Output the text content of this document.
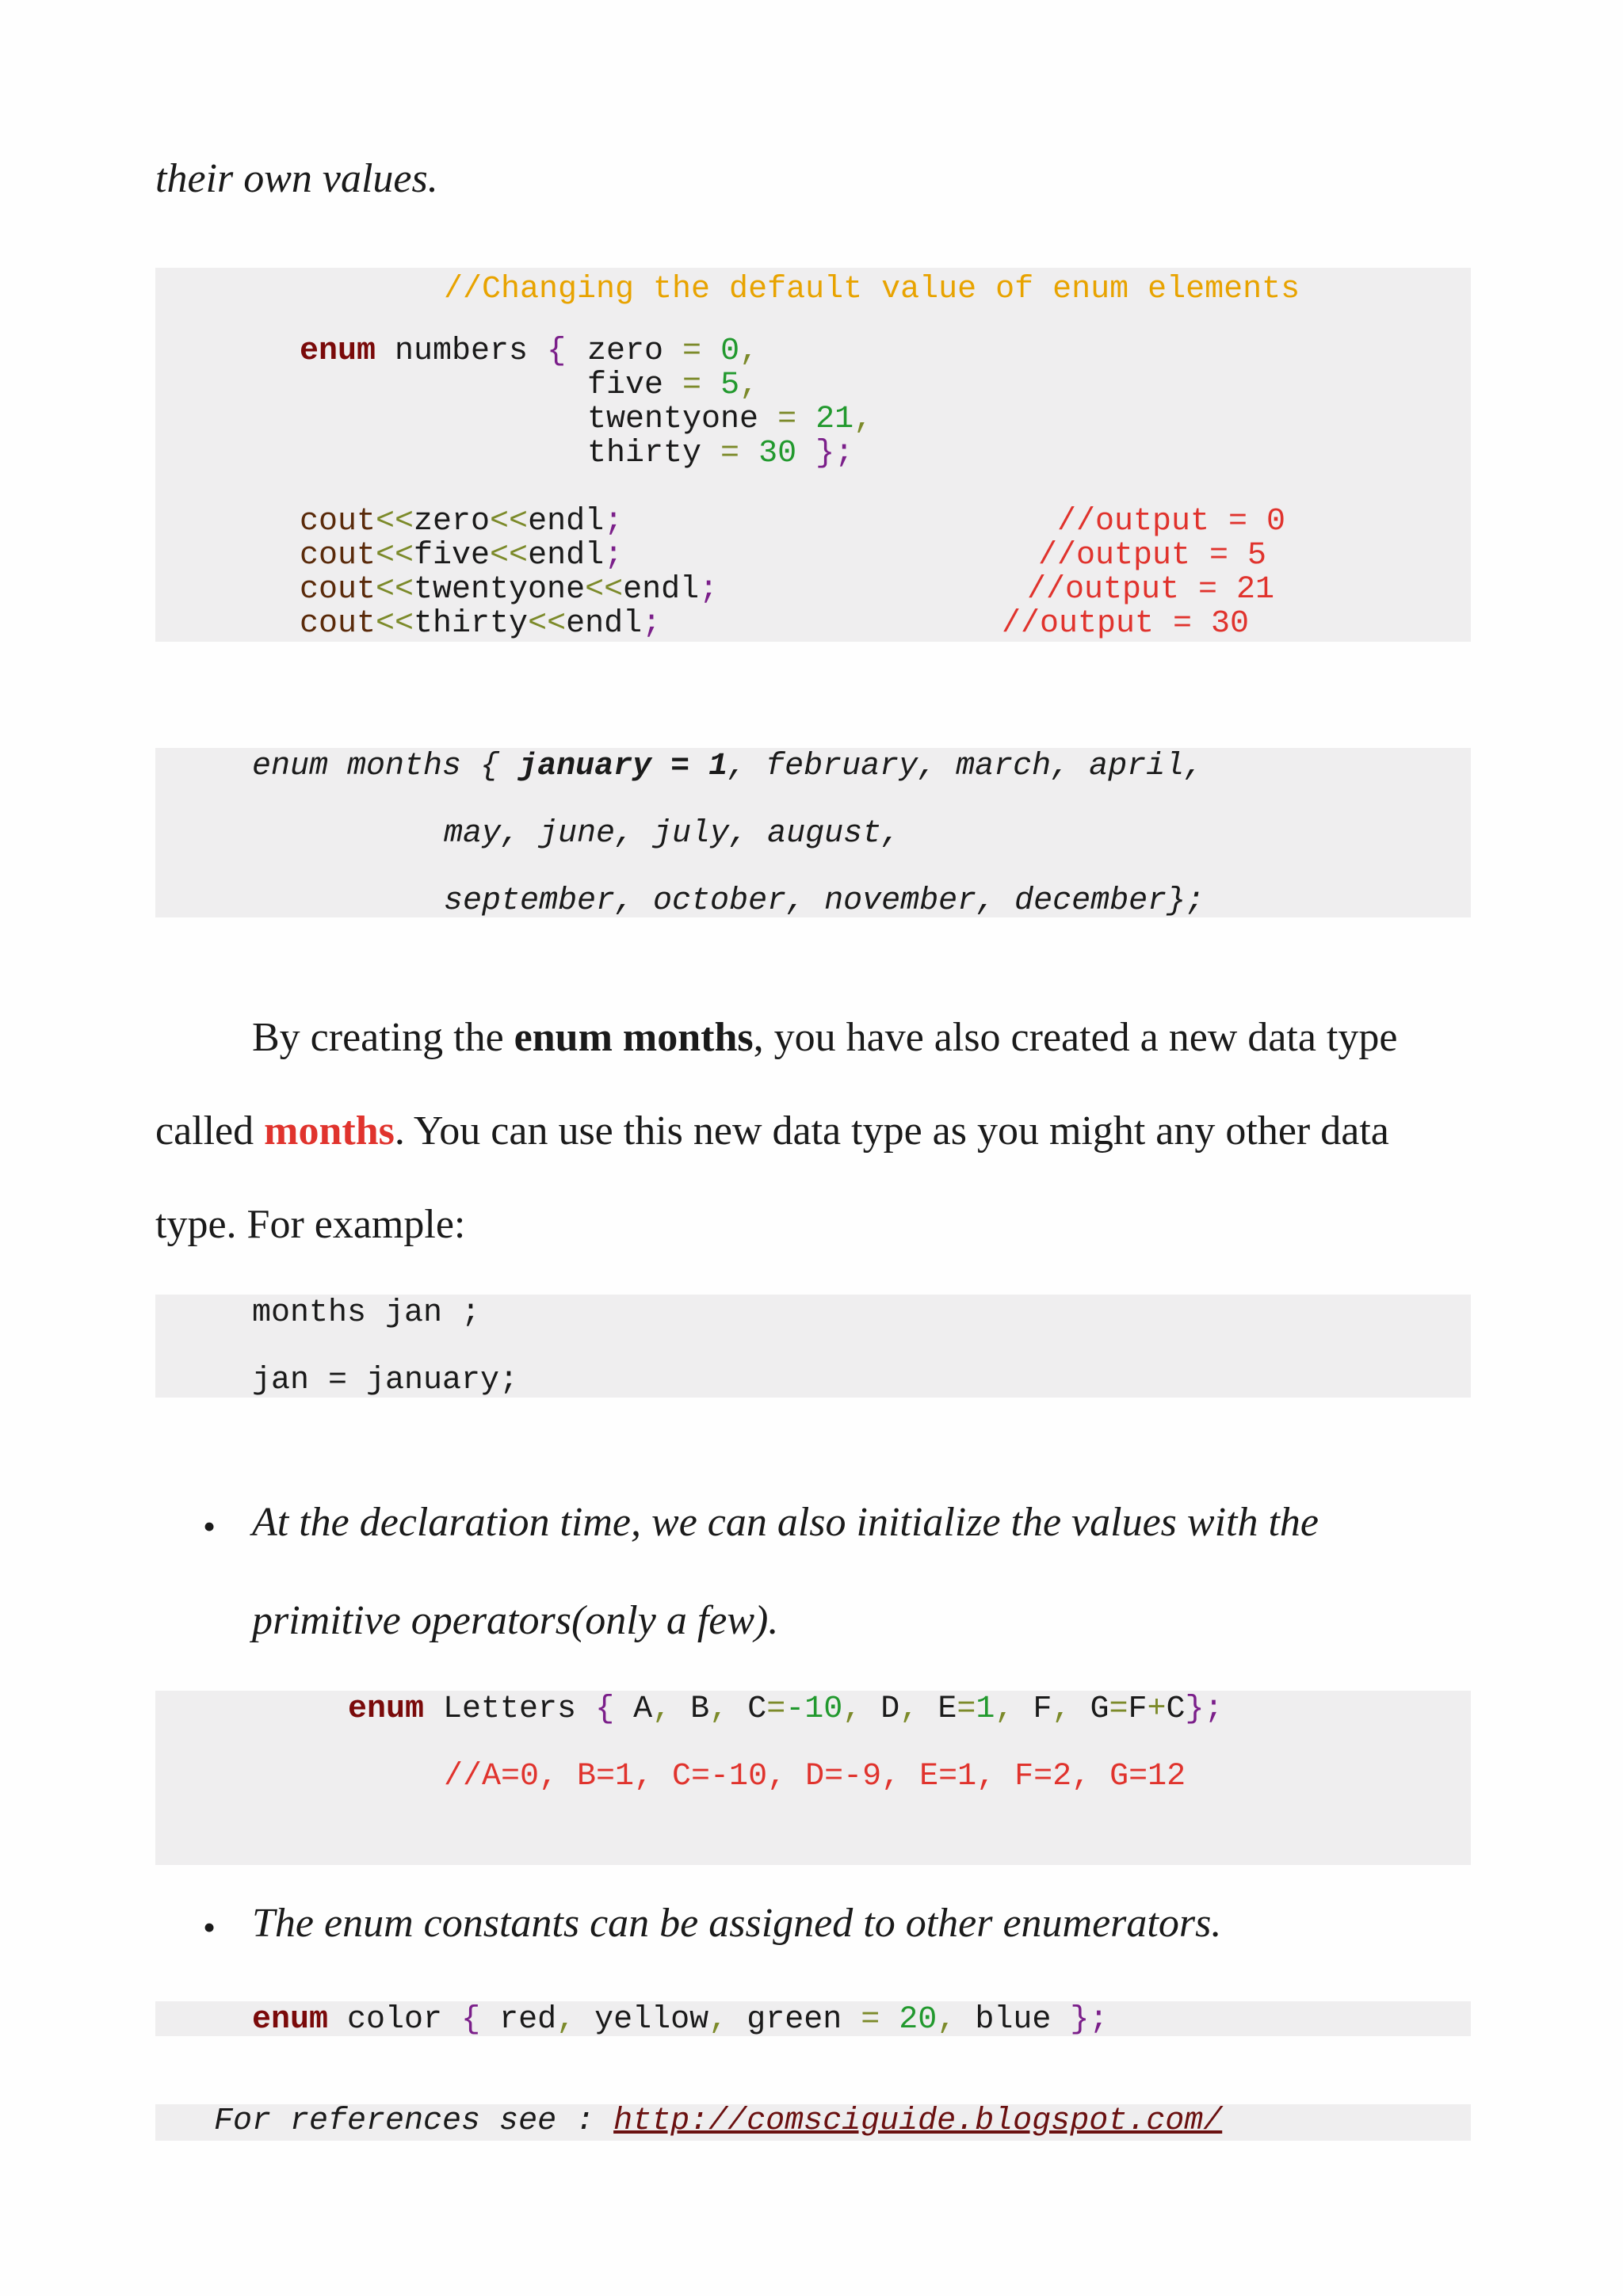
their own values.
//Changing the default value of enum elements
enum numbers { zero = 0,
five = 5,
twentyone = 21,
thirty = 30 };
cout<<zero<<endl;	//output = 0
cout<<five<<endl;	//output = 5
cout<<twentyone<<endl;	//output = 21
cout<<thirty<<endl;	//output = 30
enum months { january = 1, february, march, april,
may, june, july, august,
september, october, november, december};
By creating the enum months, you have also created a new data type
called months. You can use this new data type as you might any other data
type. For example:
months jan ;
jan = january;
• At the declaration time, we can also initialize the values with the
primitive operators(only a few).
enum Letters { A, B, C=-10, D, E=1, F, G=F+C};
//A=0, B=1, C=-10, D=-9, E=1, F=2, G=12
• The enum constants can be assigned to other enumerators.
enum color { red, yellow, green = 20, blue };
For references see : http://comsciguide.blogspot.com/
